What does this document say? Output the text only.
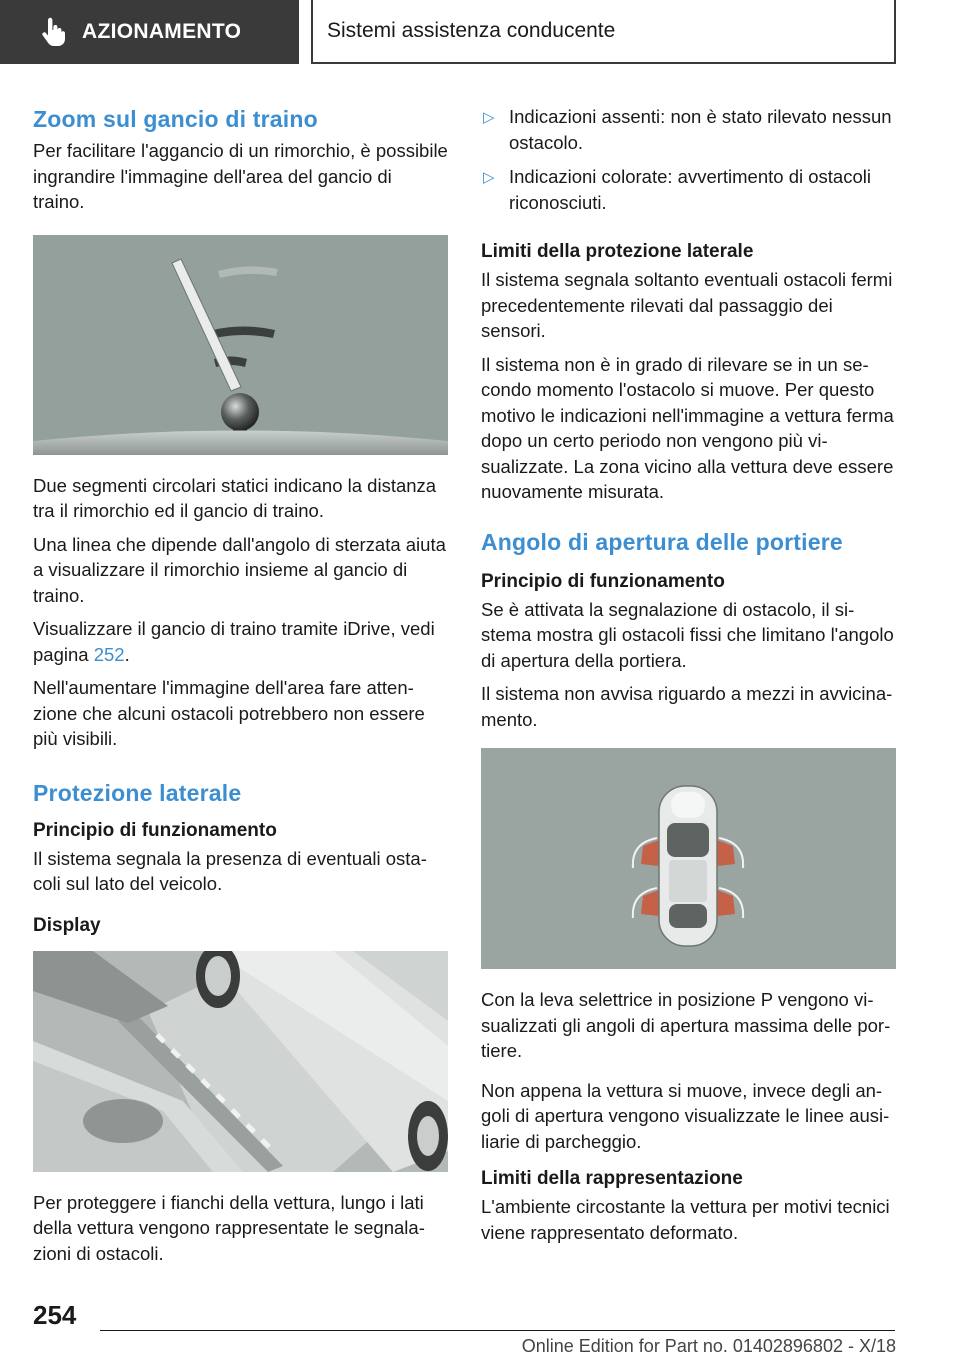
AZIONAMENTO	Sistemi assistenza conducente
Zoom sul gancio di traino

Per facilitare l'aggancio di un rimorchio, è possibile ingrandire l'immagine dell'area del gancio di traino.

Due segmenti circolari statici indicano la distanza tra il rimorchio ed il gancio di traino.

Una linea che dipende dall'angolo di sterzata aiuta a visualizzare il rimorchio insieme al gancio di traino.

Visualizzare il gancio di traino tramite iDrive, vedi pagina 252.

Nell'aumentare l'immagine dell'area fare attenzione che alcuni ostacoli potrebbero non essere più visibili.

Protezione laterale
Principio di funzionamento

Il sistema segnala la presenza di eventuali ostacoli sul lato del veicolo.

Display

Per proteggere i fianchi della vettura, lungo i lati della vettura vengono rappresentate le segnalazioni di ostacoli.

▷ Indicazioni assenti: non è stato rilevato nessun ostacolo.
▷ Indicazioni colorate: avvertimento di ostacoli riconosciuti.
Limiti della protezione laterale

Il sistema segnala soltanto eventuali ostacoli fermi precedentemente rilevati dal passaggio dei sensori.

Il sistema non è in grado di rilevare se in un secondo momento l'ostacolo si muove. Per questo motivo le indicazioni nell'immagine a vettura ferma dopo un certo periodo non vengono più visualizzate. La zona vicino alla vettura deve essere nuovamente misurata.

Angolo di apertura delle portiere
Principio di funzionamento

Se è attivata la segnalazione di ostacolo, il sistema mostra gli ostacoli fissi che limitano l'angolo di apertura della portiera.

Il sistema non avvisa riguardo a mezzi in avvicinamento.

Con la leva selettrice in posizione P vengono visualizzati gli angoli di apertura massima delle portiere.

Non appena la vettura si muove, invece degli angoli di apertura vengono visualizzate le linee ausiliarie di parcheggio.

Limiti della rappresentazione

L'ambiente circostante la vettura per motivi tecnici viene rappresentato deformato.

254
Online Edition for Part no. 01402896802 - X/18
